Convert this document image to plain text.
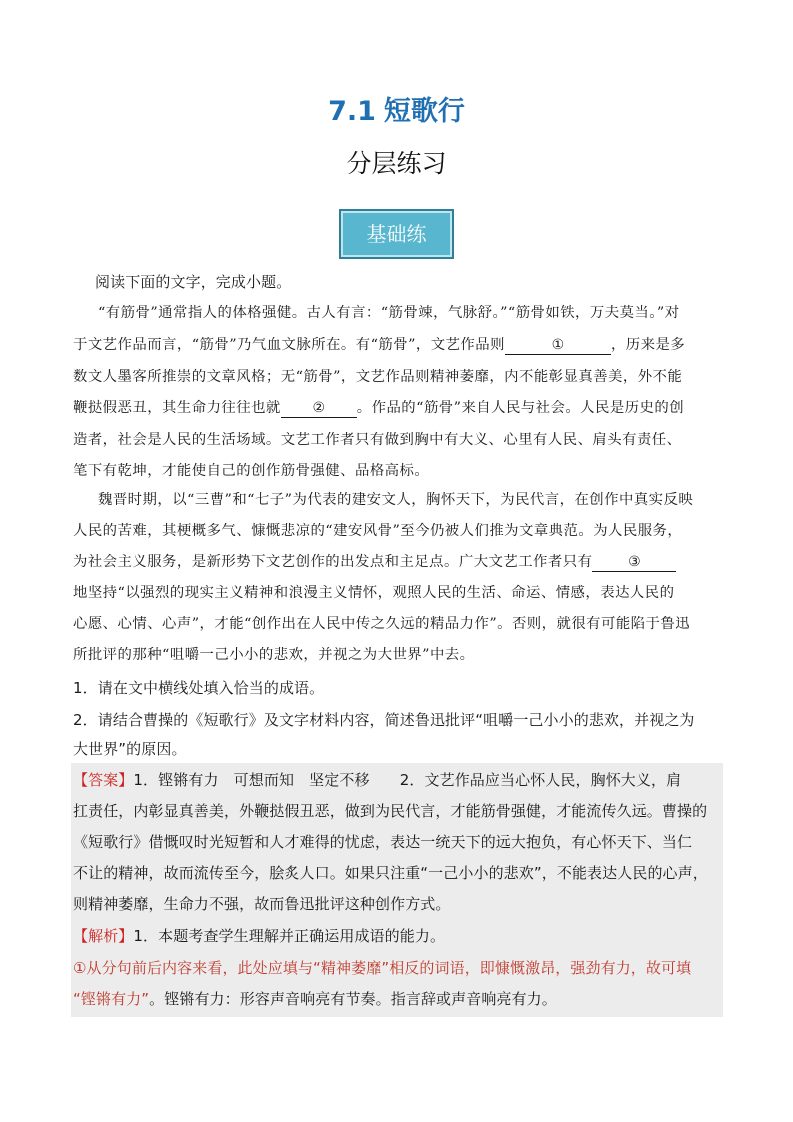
7.1 短歌行
分层练习
基础练
阅读下面的文字，完成小题。
“有筋骨”通常指人的体格强健。古人有言：“筋骨竦，气脉舒。”“筋骨如铁，万夫莫当。”对
于文艺作品而言，“筋骨”乃气血文脉所在。有“筋骨”，文艺作品则	①	，历来是多
数文人墨客所推崇的文章风格；无“筋骨”，文艺作品则精神萎靡，内不能彰显真善美，外不能
鞭挞假恶丑，其生命力往往也就 ② 。作品的“筋骨”来自人民与社会。人民是历史的创
造者，社会是人民的生活场域。文艺工作者只有做到胸中有大义、心里有人民、肩头有责任、
笔下有乾坤，才能使自己的创作筋骨强健、品格高标。
魏晋时期，以“三曹”和“七子”为代表的建安文人，胸怀天下，为民代言，在创作中真实反映
人民的苦难，其梗概多气、慷慨悲凉的“建安风骨”至今仍被人们推为文章典范。为人民服务，
为社会主义服务，是新形势下文艺创作的出发点和主足点。广大文艺工作者只有	③
地坚持“以强烈的现实主义精神和浪漫主义情怀，观照人民的生活、命运、情感，表达人民的
心愿、心情、心声”，才能“创作出在人民中传之久远的精品力作”。否则，就很有可能陷于鲁迅
所批评的那种“咀嚼一己小小的悲欢，并视之为大世界”中去。
1．请在文中横线处填入恰当的成语。
2．请结合曹操的《短歌行》及文字材料内容，简述鲁迅批评“咀嚼一己小小的悲欢，并视之为
大世界”的原因。
【答案】1．铿锵有力　可想而知　坚定不移　　2．文艺作品应当心怀人民，胸怀大义，肩
扛责任，内彰显真善美，外鞭挞假丑恶，做到为民代言，才能筋骨强健，才能流传久远。曹操的
《短歌行》借慨叹时光短暂和人才难得的忧虑，表达一统天下的远大抱负，有心怀天下、当仁
不让的精神，故而流传至今，脍炙人口。如果只注重“一己小小的悲欢”，不能表达人民的心声，
则精神萎靡，生命力不强，故而鲁迅批评这种创作方式。
【解析】1．本题考查学生理解并正确运用成语的能力。
①从分句前后内容来看，此处应填与“精神萎靡”相反的词语，即慷慨激昂，强劲有力，故可填
“铿锵有力”。铿锵有力：形容声音响亮有节奏。指言辞或声音响亮有力。
